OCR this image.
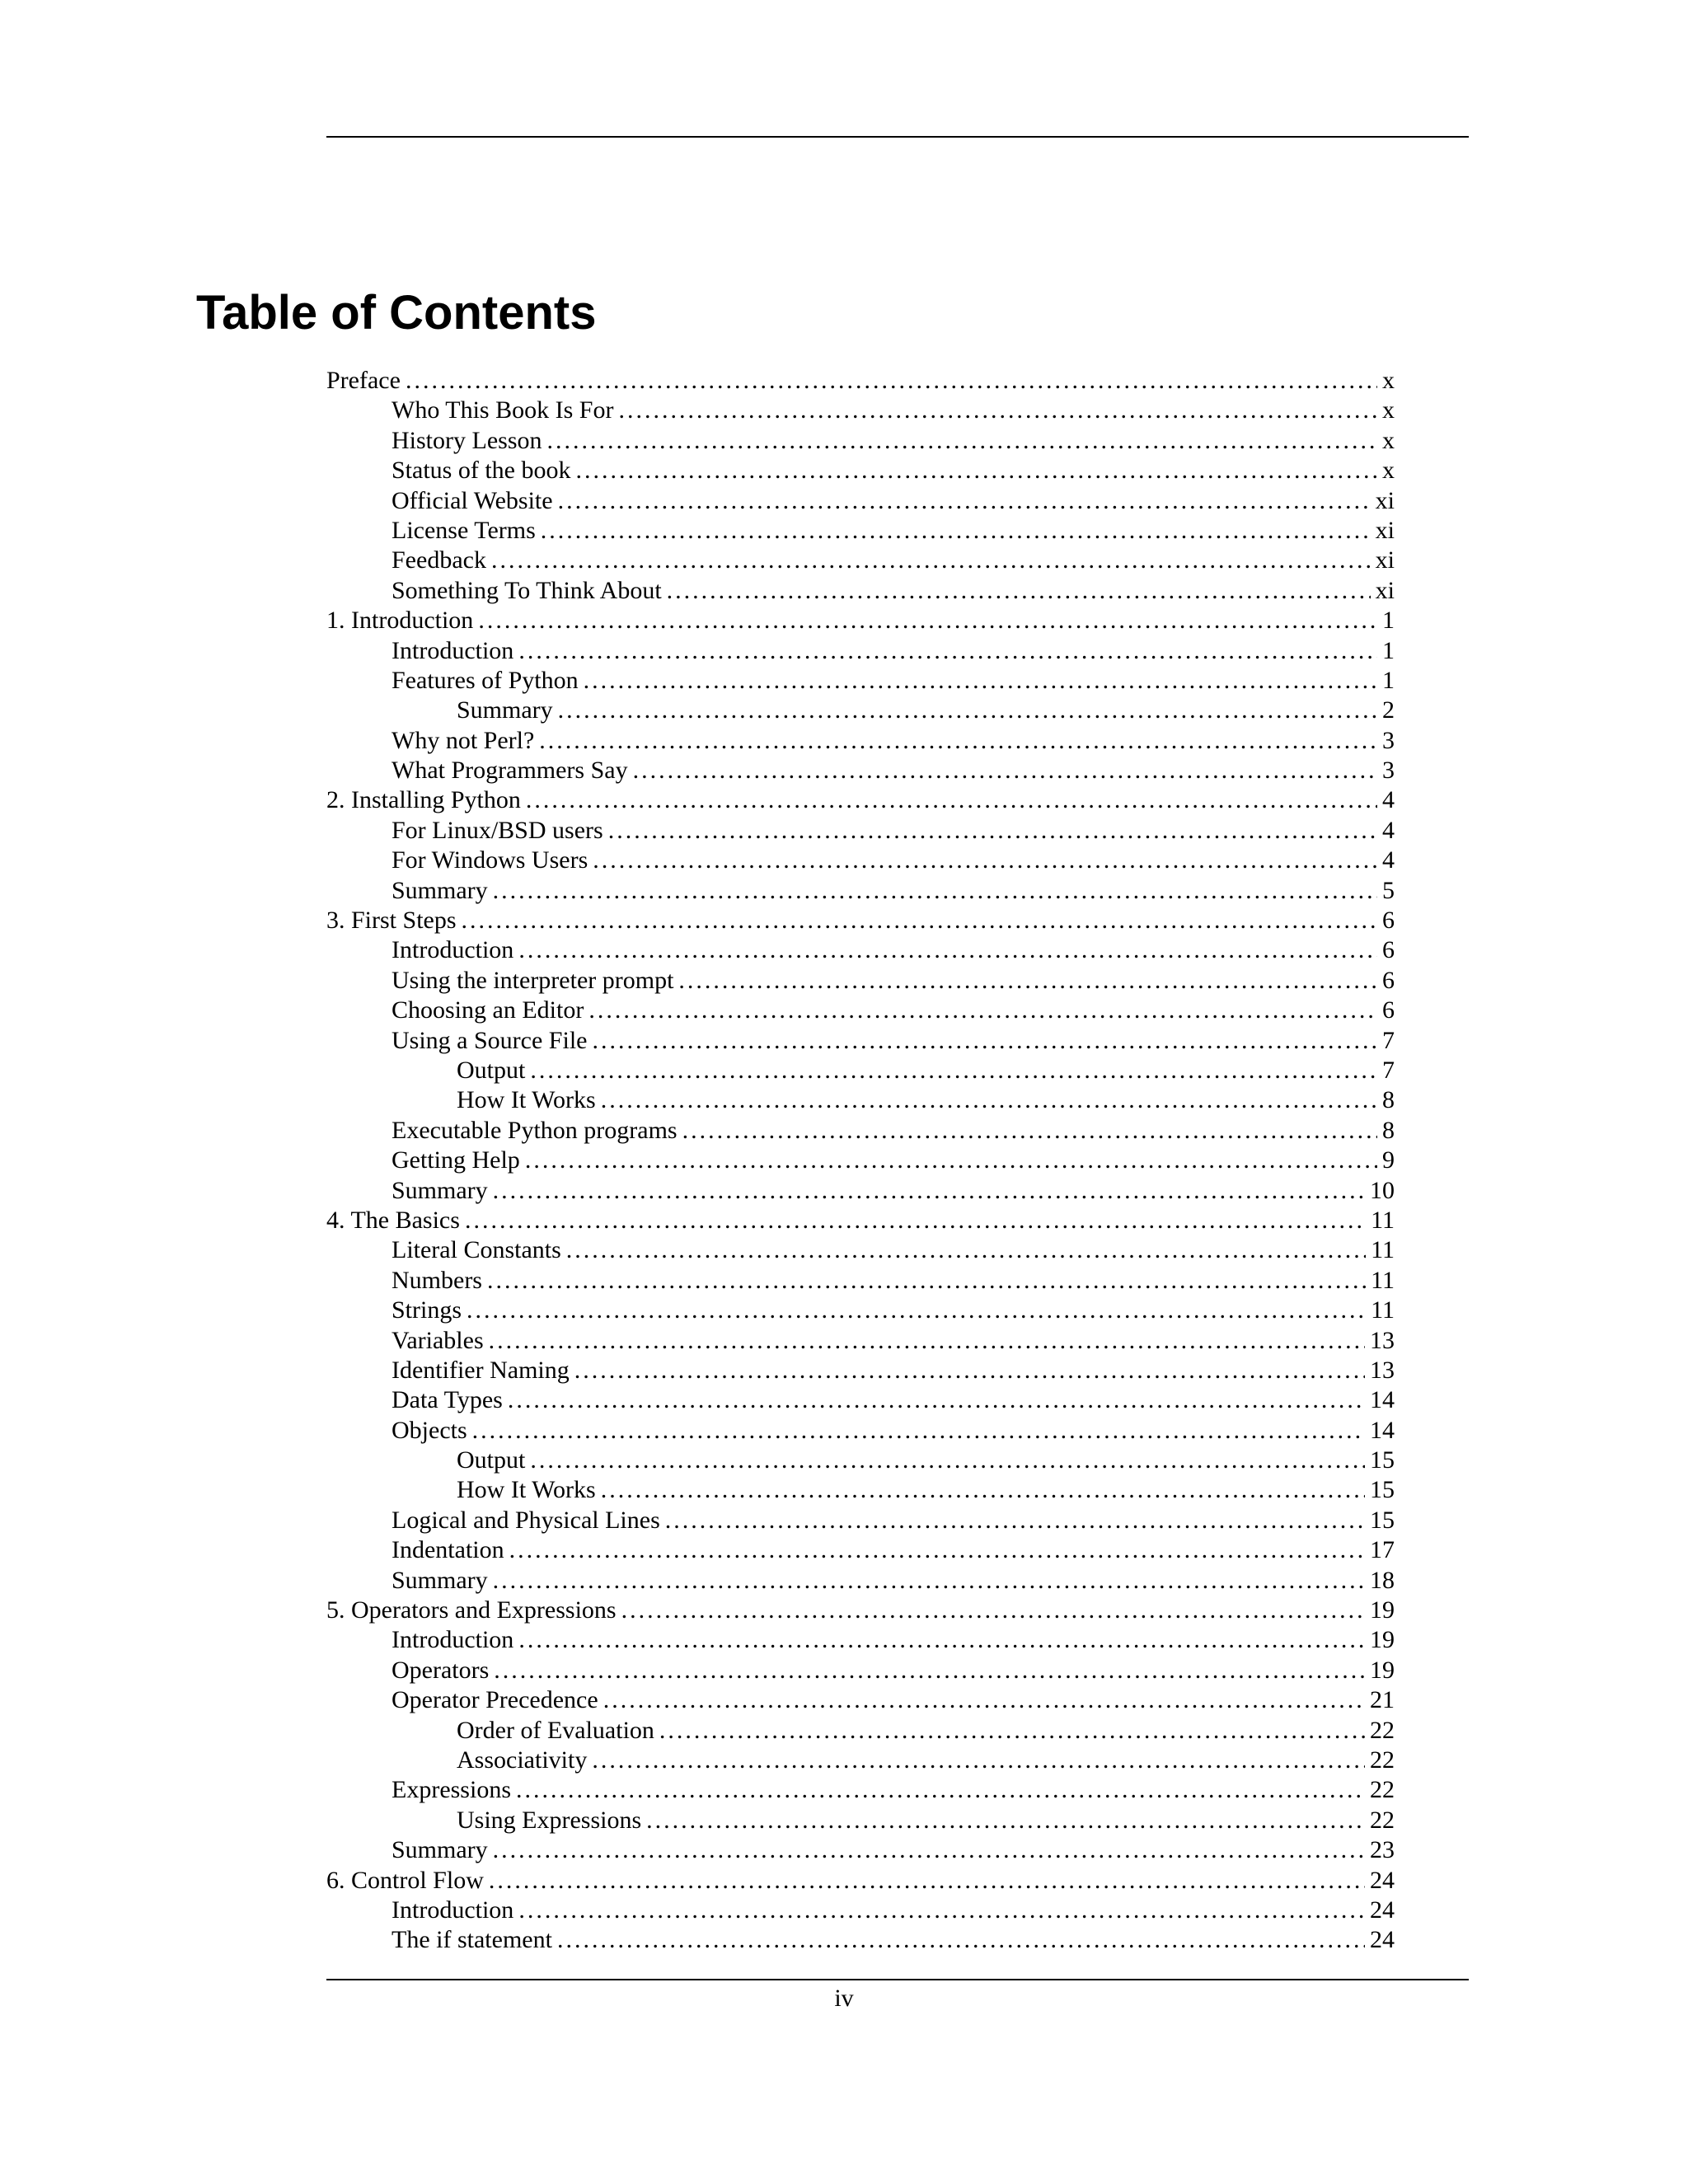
Table of Contents
Preface .....	x
Who This Book Is For .....	x
History Lesson .....	x
Status of the book .....	x
Official Website .....	xi
License Terms .....	xi
Feedback .....	xi
Something To Think About .....	xi
1. Introduction .....	1
Introduction .....	1
Features of Python .....	1
Summary .....	2
Why not Perl? .....	3
What Programmers Say .....	3
2. Installing Python .....	4
For Linux/BSD users .....	4
For Windows Users .....	4
Summary .....	5
3. First Steps .....	6
Introduction .....	6
Using the interpreter prompt .....	6
Choosing an Editor .....	6
Using a Source File .....	7
Output .....	7
How It Works .....	8
Executable Python programs .....	8
Getting Help .....	9
Summary .....	10
4. The Basics .....	11
Literal Constants .....	11
Numbers .....	11
Strings .....	11
Variables .....	13
Identifier Naming .....	13
Data Types .....	14
Objects .....	14
Output .....	15
How It Works .....	15
Logical and Physical Lines .....	15
Indentation .....	17
Summary .....	18
5. Operators and Expressions .....	19
Introduction .....	19
Operators .....	19
Operator Precedence .....	21
Order of Evaluation .....	22
Associativity .....	22
Expressions .....	22
Using Expressions .....	22
Summary .....	23
6. Control Flow .....	24
Introduction .....	24
The if statement .....	24
iv
